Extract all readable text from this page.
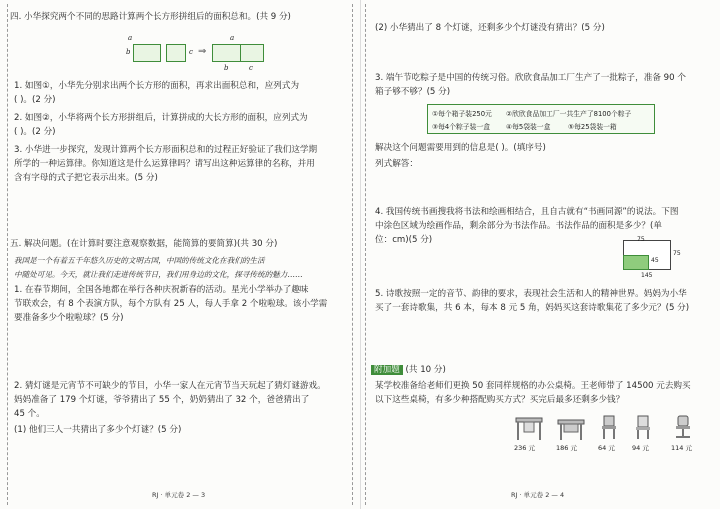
四. 小华探究两个不同的思路计算两个长方形拼组后的面积总和。(共 9 分)
a
b	c ⇒
a
b	c
1. 如图①，小华先分别求出两个长方形的面积，再求出面积总和，应列式为
( )。(2 分)
2. 如图②，小华将两个长方形拼组后，计算拼成的大长方形的面积，应列式为
( )。(2 分)
3. 小华进一步探究，发现计算两个长方形面积总和的过程正好验证了我们这学期
所学的一种运算律。你知道这是什么运算律吗？请写出这种运算律的名称，并用
含有字母的式子把它表示出来。(5 分)
五. 解决问题。(在计算时要注意观察数据，能简算的要简算)(共 30 分)
我国是一个有着五千年悠久历史的文明古国，中国的传统文化在我们的生活
中随处可见。今天，就让我们走进传统节日，我们用身边的文化，探寻传统的魅力……
1. 在春节期间，全国各地都在举行各种庆祝新春的活动。星光小学举办了趣味
节联欢会，有 8 个表演方队，每个方队有 25 人，每人手拿 2 个啦啦球。该小学需
要准备多少个啦啦球？(5 分)
2. 猜灯谜是元宵节不可缺少的节目，小华一家人在元宵节当天玩起了猜灯谜游戏。
妈妈准备了 179 个灯谜，爷爷猜出了 55 个，奶奶猜出了 32 个，爸爸猜出了
45 个。
(1) 他们三人一共猜出了多少个灯谜？(5 分)
RJ · 单元卷 2 — 3
(2) 小华猜出了 8 个灯谜，还剩多少个灯谜没有猜出？(5 分)
3. 端午节吃粽子是中国的传统习俗。欣欣食品加工厂生产了一批粽子，准备 90 个
箱子够不够？(5 分)
①每个箱子装250元 ②欣欣食品加工厂一共生产了8100个粽子
③每4个粽子装一盒 ④每5袋装一盒	⑤每25袋装一箱
解决这个问题需要用到的信息是( )。(填序号)
列式解答：
4. 我国传统书画搜我将书法和绘画相结合，且自古就有“书画同源”的说法。下图
中涂色区域为绘画作品，剩余部分为书法作品。书法作品的面积是多少？(单
位：cm)(5 分)	75
75
45
145
5. 诗歌按照一定的音节、韵律的要求，表现社会生活和人的精神世界。妈妈为小华
买了一套诗歌集，共 6 本，每本 8 元 5 角，妈妈买这套诗歌集花了多少元？(5 分)
附加题 (共 10 分)
某学校准备给老师们更换 50 套同样规格的办公桌椅。王老师带了 14500 元去购买
以下这些桌椅，有多少种搭配购买方式？买完后最多还剩多少钱？
236 元	186 元	64 元	94 元	114 元
RJ · 单元卷 2 — 4
